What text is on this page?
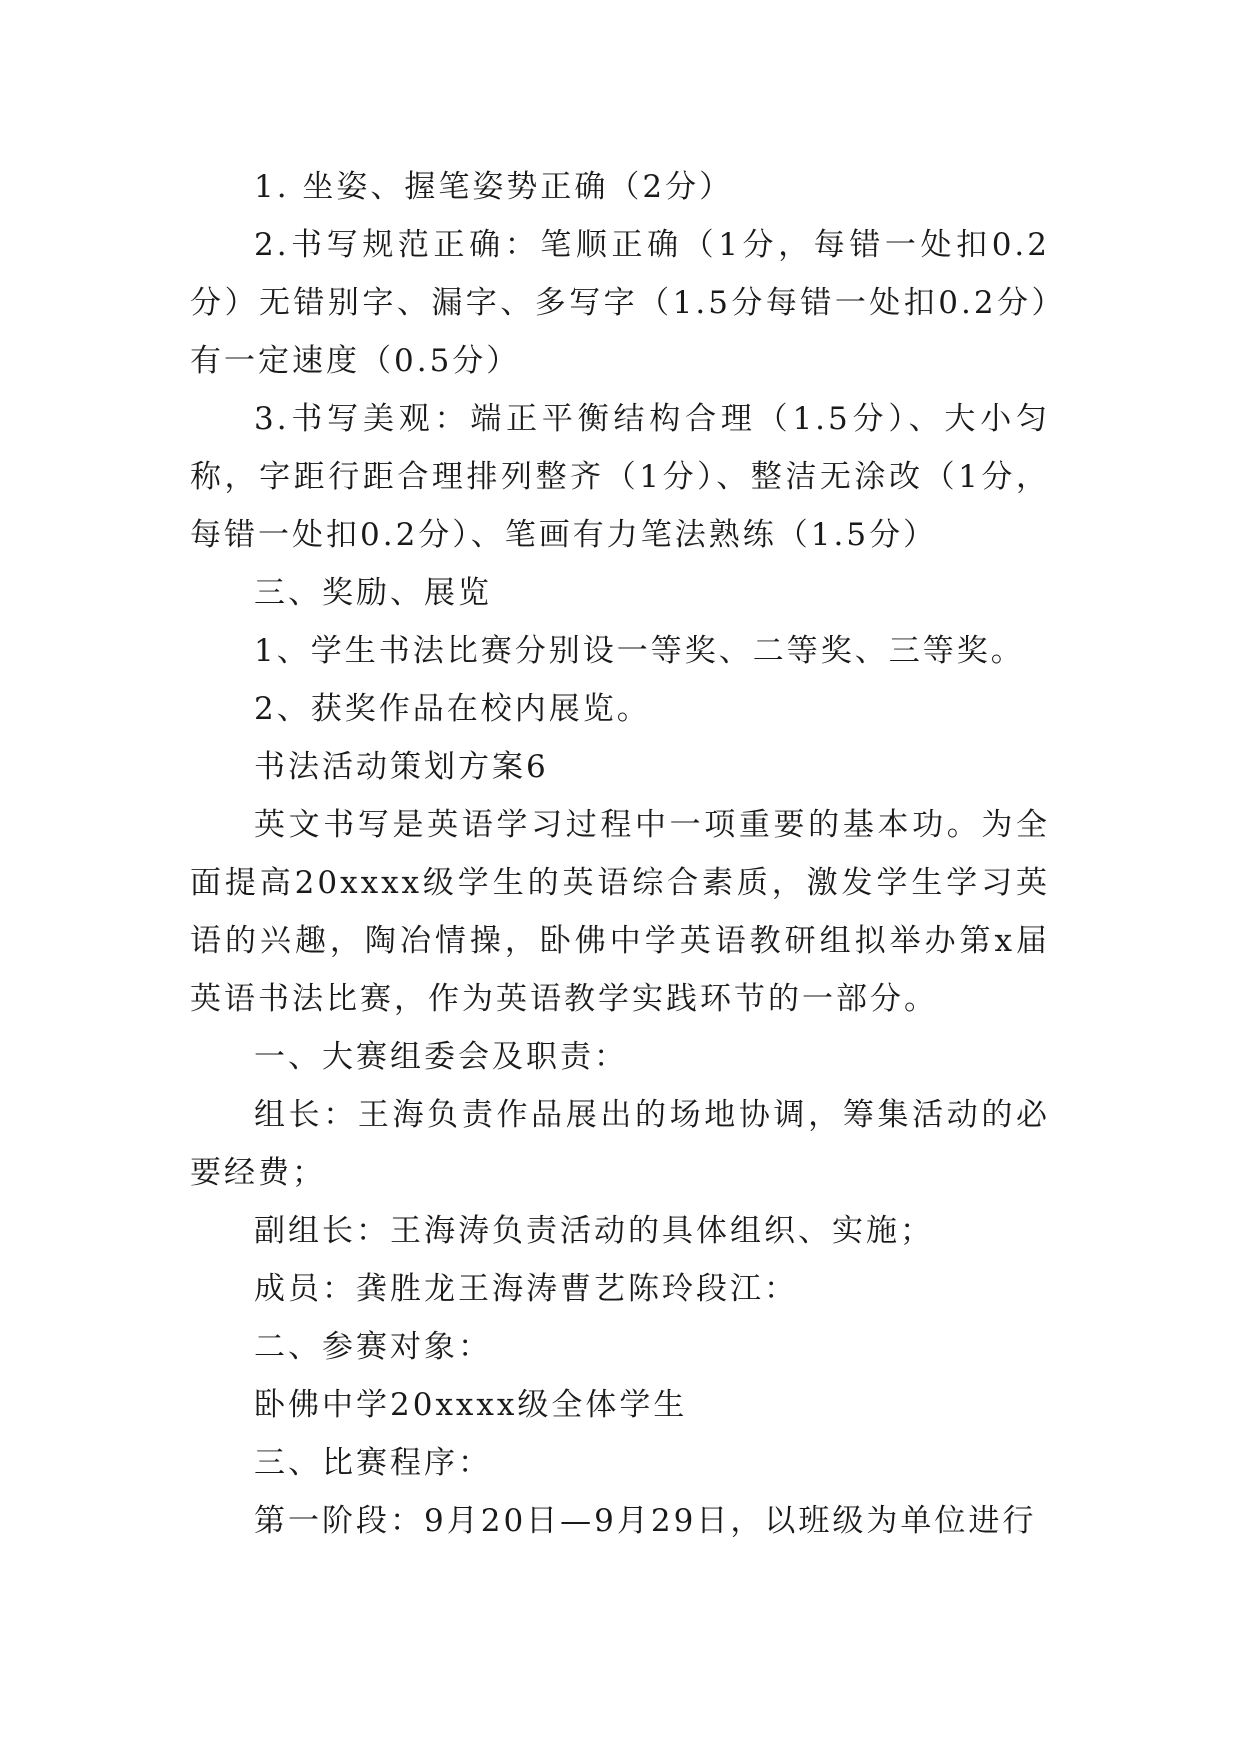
1. 坐姿、握笔姿势正确（2分）

2.书写规范正确：笔顺正确（1分，每错一处扣0.2分）无错别字、漏字、多写字（1.5分每错一处扣0.2分）有一定速度（0.5分）

3.书写美观：端正平衡结构合理（1.5分）、大小匀称，字距行距合理排列整齐（1分）、整洁无涂改（1分，每错一处扣0.2分）、笔画有力笔法熟练（1.5分）

三、奖励、展览

1、学生书法比赛分别设一等奖、二等奖、三等奖。

2、获奖作品在校内展览。

书法活动策划方案6

英文书写是英语学习过程中一项重要的基本功。为全面提高20xxxx级学生的英语综合素质，激发学生学习英语的兴趣，陶冶情操，卧佛中学英语教研组拟举办第x届英语书法比赛，作为英语教学实践环节的一部分。

一、大赛组委会及职责：

组长：王海负责作品展出的场地协调，筹集活动的必要经费；

副组长：王海涛负责活动的具体组织、实施；

成员：龚胜龙王海涛曹艺陈玲段江：

二、参赛对象：

卧佛中学20xxxx级全体学生

三、比赛程序：

第一阶段：9月20日—9月29日，以班级为单位进行
